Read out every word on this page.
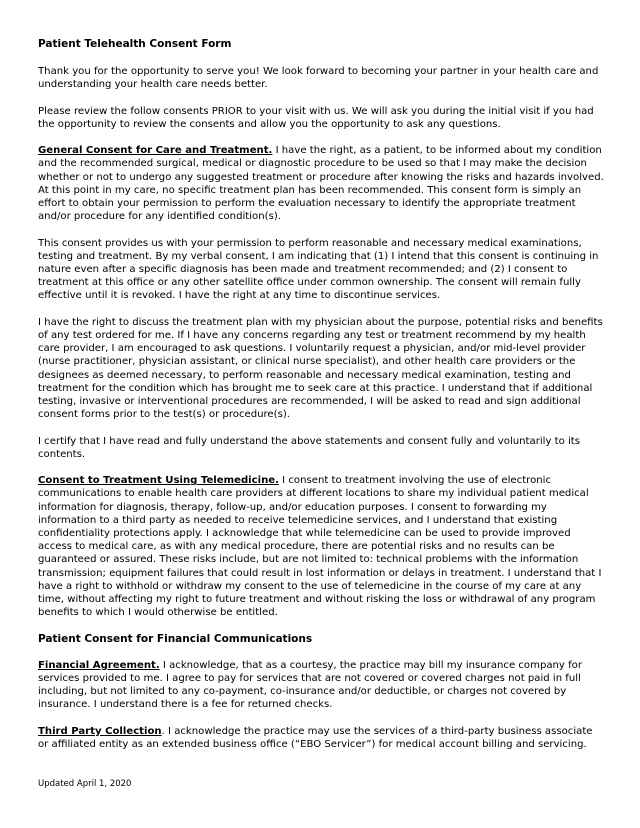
Patient Telehealth Consent Form

Thank you for the opportunity to serve you! We look forward to becoming your partner in your health care and understanding your health care needs better.

Please review the follow consents PRIOR to your visit with us. We will ask you during the initial visit if you had the opportunity to review the consents and allow you the opportunity to ask any questions.

General Consent for Care and Treatment. I have the right, as a patient, to be informed about my condition and the recommended surgical, medical or diagnostic procedure to be used so that I may make the decision whether or not to undergo any suggested treatment or procedure after knowing the risks and hazards involved. At this point in my care, no specific treatment plan has been recommended. This consent form is simply an effort to obtain your permission to perform the evaluation necessary to identify the appropriate treatment and/or procedure for any identified condition(s).

This consent provides us with your permission to perform reasonable and necessary medical examinations, testing and treatment. By my verbal consent, I am indicating that (1) I intend that this consent is continuing in nature even after a specific diagnosis has been made and treatment recommended; and (2) I consent to treatment at this office or any other satellite office under common ownership. The consent will remain fully effective until it is revoked. I have the right at any time to discontinue services.

I have the right to discuss the treatment plan with my physician about the purpose, potential risks and benefits of any test ordered for me. If I have any concerns regarding any test or treatment recommend by my health care provider, I am encouraged to ask questions. I voluntarily request a physician, and/or mid-level provider (nurse practitioner, physician assistant, or clinical nurse specialist), and other health care providers or the designees as deemed necessary, to perform reasonable and necessary medical examination, testing and treatment for the condition which has brought me to seek care at this practice. I understand that if additional testing, invasive or interventional procedures are recommended, I will be asked to read and sign additional consent forms prior to the test(s) or procedure(s).

I certify that I have read and fully understand the above statements and consent fully and voluntarily to its contents.

Consent to Treatment Using Telemedicine. I consent to treatment involving the use of electronic communications to enable health care providers at different locations to share my individual patient medical information for diagnosis, therapy, follow-up, and/or education purposes. I consent to forwarding my information to a third party as needed to receive telemedicine services, and I understand that existing confidentiality protections apply. I acknowledge that while telemedicine can be used to provide improved access to medical care, as with any medical procedure, there are potential risks and no results can be guaranteed or assured. These risks include, but are not limited to: technical problems with the information transmission; equipment failures that could result in lost information or delays in treatment. I understand that I have a right to withhold or withdraw my consent to the use of telemedicine in the course of my care at any time, without affecting my right to future treatment and without risking the loss or withdrawal of any program benefits to which I would otherwise be entitled.

Patient Consent for Financial Communications

Financial Agreement. I acknowledge, that as a courtesy, the practice may bill my insurance company for services provided to me. I agree to pay for services that are not covered or covered charges not paid in full including, but not limited to any co-payment, co-insurance and/or deductible, or charges not covered by insurance. I understand there is a fee for returned checks.

Third Party Collection. I acknowledge the practice may use the services of a third-party business associate or affiliated entity as an extended business office (“EBO Servicer”) for medical account billing and servicing.

Updated April 1, 2020
